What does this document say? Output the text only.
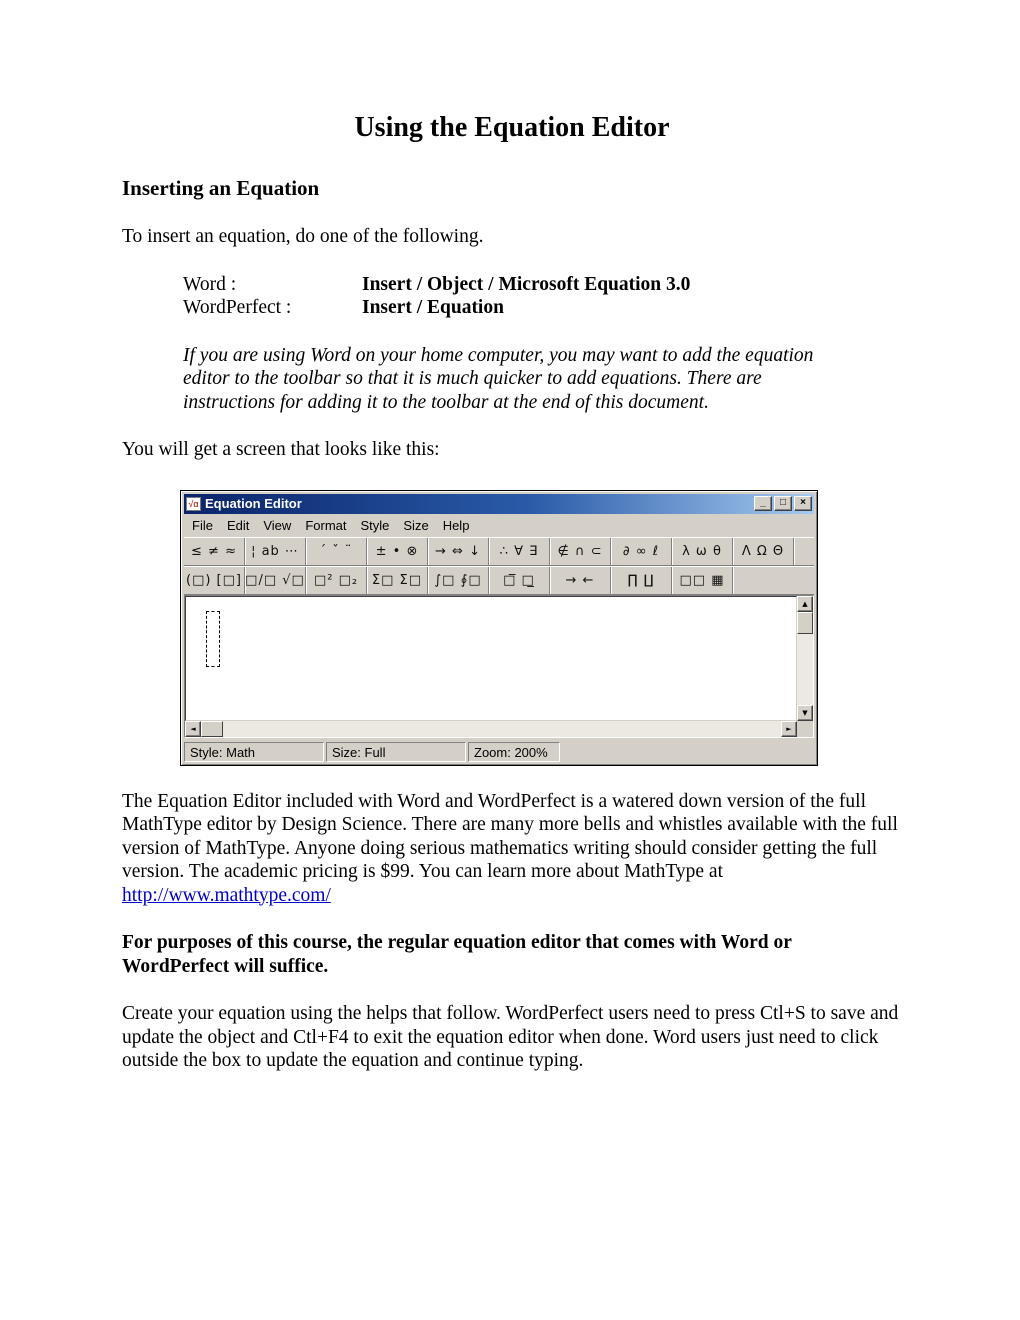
Using the Equation Editor
Inserting an Equation

To insert an equation, do one of the following.

Word :	Insert / Object / Microsoft Equation 3.0
WordPerfect :	Insert / Equation

If you are using Word on your home computer, you may want to add the equation editor to the toolbar so that it is much quicker to add equations. There are instructions for adding it to the toolbar at the end of this document.

You will get a screen that looks like this:

√α Equation Editor	_	□	×
File	Edit	View	Format	Style	Size	Help
≤ ≠ ≈	¦ ab ⋯	´ ˇ ¨	± • ⊗	→ ⇔ ↓	∴ ∀ ∃	∉ ∩ ⊂	∂ ∞ ℓ	λ ω θ	Λ Ω Θ
(□) [□] □/□ √□ □² □₂	Σ□ Σ□ ∫□ ∮□	□̅ □̲	→ ←	∏ ∐	□□ ▦
▲
▼
◄	►
Style: Math	Size: Full	Zoom: 200%

The Equation Editor included with Word and WordPerfect is a watered down version of the full MathType editor by Design Science. There are many more bells and whistles available with the full version of MathType. Anyone doing serious mathematics writing should consider getting the full version. The academic pricing is $99. You can learn more about MathType at
http://www.mathtype.com/

For purposes of this course, the regular equation editor that comes with Word or WordPerfect will suffice.

Create your equation using the helps that follow. WordPerfect users need to press Ctl+S to save and update the object and Ctl+F4 to exit the equation editor when done. Word users just need to click outside the box to update the equation and continue typing.
